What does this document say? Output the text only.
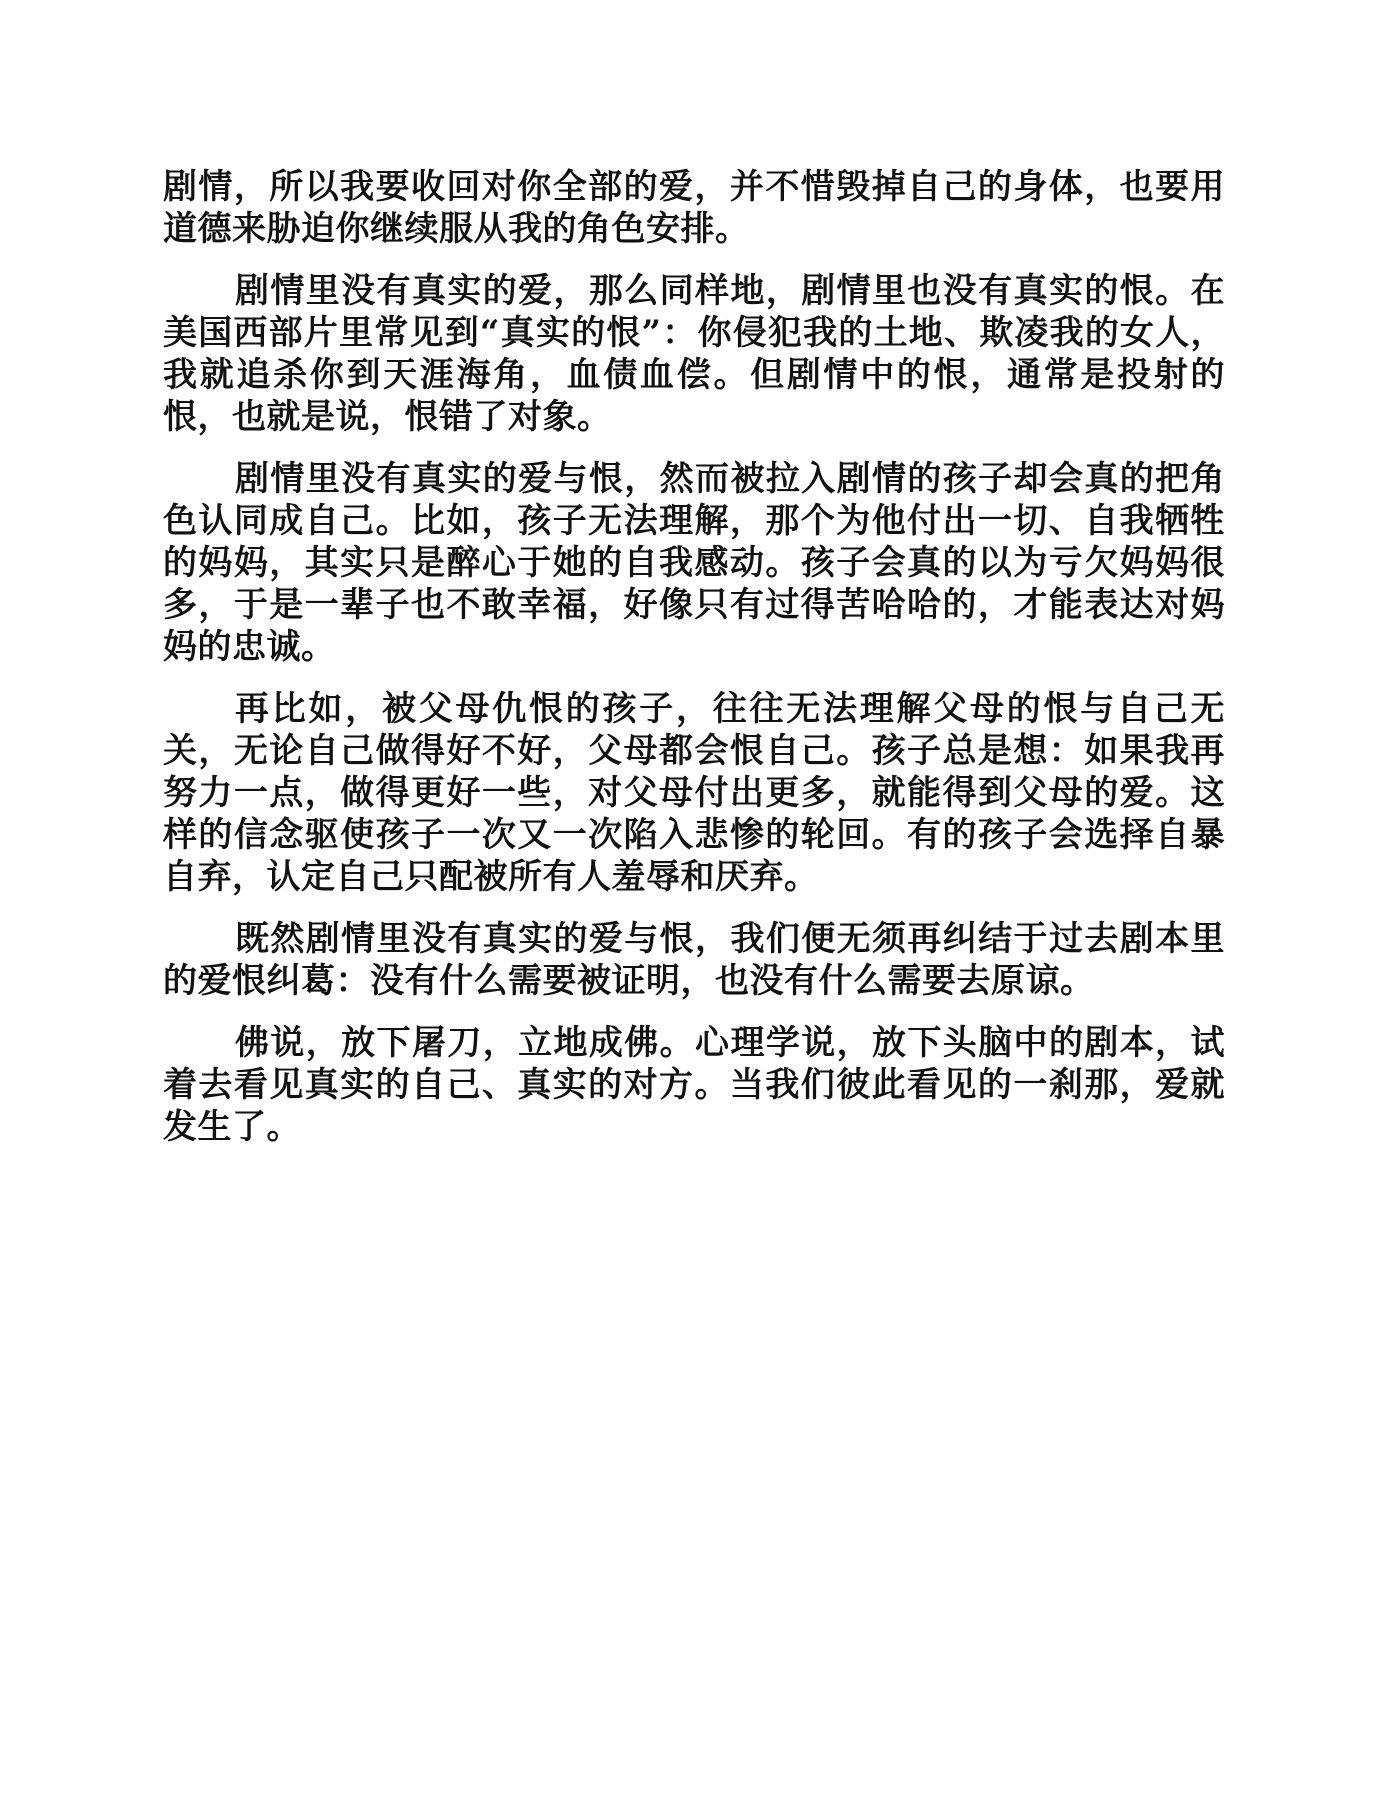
剧情，所以我要收回对你全部的爱，并不惜毁掉自己的身体，也要用道德来胁迫你继续服从我的角色安排。

剧情里没有真实的爱，那么同样地，剧情里也没有真实的恨。在美国西部片里常见到“真实的恨”：你侵犯我的土地、欺凌我的女人，我就追杀你到天涯海角，血债血偿。但剧情中的恨，通常是投射的恨，也就是说，恨错了对象。

剧情里没有真实的爱与恨，然而被拉入剧情的孩子却会真的把角色认同成自己。比如，孩子无法理解，那个为他付出一切、自我牺牲的妈妈，其实只是醉心于她的自我感动。孩子会真的以为亏欠妈妈很多，于是一辈子也不敢幸福，好像只有过得苦哈哈的，才能表达对妈妈的忠诚。

再比如，被父母仇恨的孩子，往往无法理解父母的恨与自己无关，无论自己做得好不好，父母都会恨自己。孩子总是想：如果我再努力一点，做得更好一些，对父母付出更多，就能得到父母的爱。这样的信念驱使孩子一次又一次陷入悲惨的轮回。有的孩子会选择自暴自弃，认定自己只配被所有人羞辱和厌弃。

既然剧情里没有真实的爱与恨，我们便无须再纠结于过去剧本里的爱恨纠葛：没有什么需要被证明，也没有什么需要去原谅。

佛说，放下屠刀，立地成佛。心理学说，放下头脑中的剧本，试着去看见真实的自己、真实的对方。当我们彼此看见的一刹那，爱就发生了。
